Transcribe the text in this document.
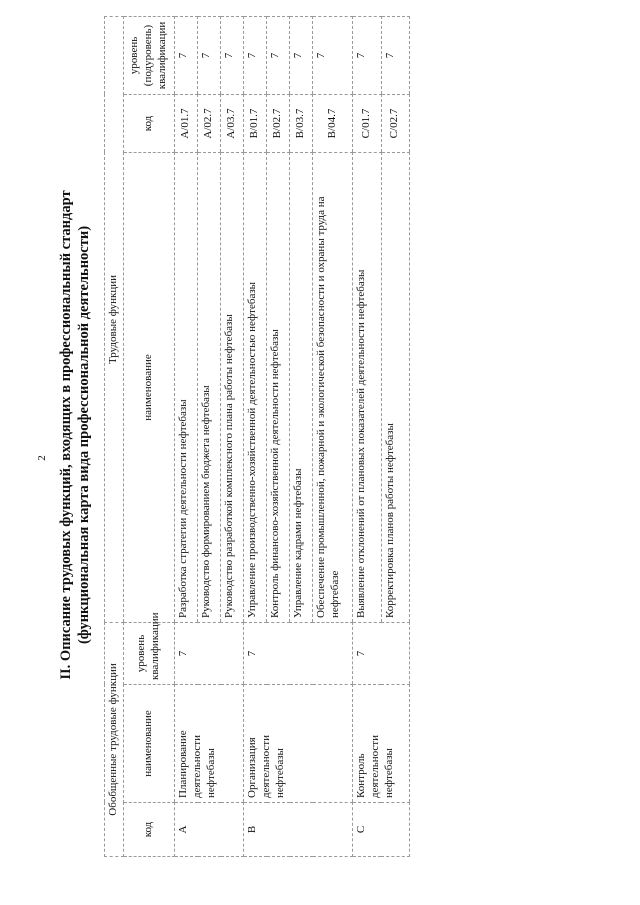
2 II. Описание трудовых функций, входящих в профессиональный стандарт (функциональная карта вида профессиональной деятельности)
Обобщенные трудовые функции			Трудовые функции		
код	наименование	уровень квалификации	наименование	код	уровень (подуровень) квалификации
A	Планирование деятельности нефтебазы	7	Разработка стратегии деятельности нефтебазы	A/01.7	7
			Руководство формированием бюджета нефтебазы	A/02.7	7
			Руководство разработкой комплексного плана работы нефтебазы	A/03.7	7
B	Организация деятельности нефтебазы	7	Управление производственно-хозяйственной деятельностью нефтебазы	B/01.7	7
			Контроль финансово-хозяйственной деятельности нефтебазы	B/02.7	7
			Управление кадрами нефтебазы	B/03.7	7
			Обеспечение промышленной, пожарной и экологической безопасности и охраны труда на нефтебазе	B/04.7	7
C	Контроль деятельности нефтебазы	7	Выявление отклонений от плановых показателей деятельности нефтебазы	C/01.7	7
			Корректировка планов работы нефтебазы	C/02.7	7
